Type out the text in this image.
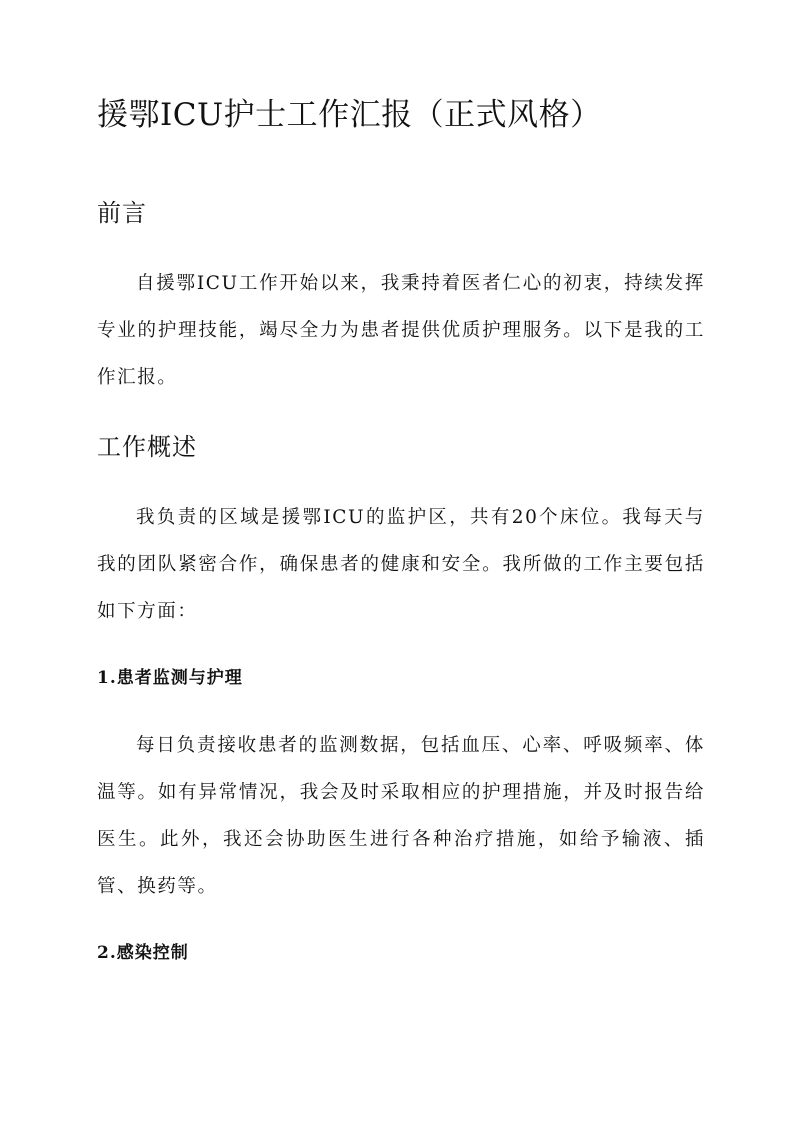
援鄂ICU护士工作汇报（正式风格）
前言

自援鄂ICU工作开始以来，我秉持着医者仁心的初衷，持续发挥专业的护理技能，竭尽全力为患者提供优质护理服务。以下是我的工作汇报。

工作概述

我负责的区域是援鄂ICU的监护区，共有20个床位。我每天与我的团队紧密合作，确保患者的健康和安全。我所做的工作主要包括如下方面：

1.患者监测与护理

每日负责接收患者的监测数据，包括血压、心率、呼吸频率、体温等。如有异常情况，我会及时采取相应的护理措施，并及时报告给医生。此外，我还会协助医生进行各种治疗措施，如给予输液、插管、换药等。

2.感染控制
